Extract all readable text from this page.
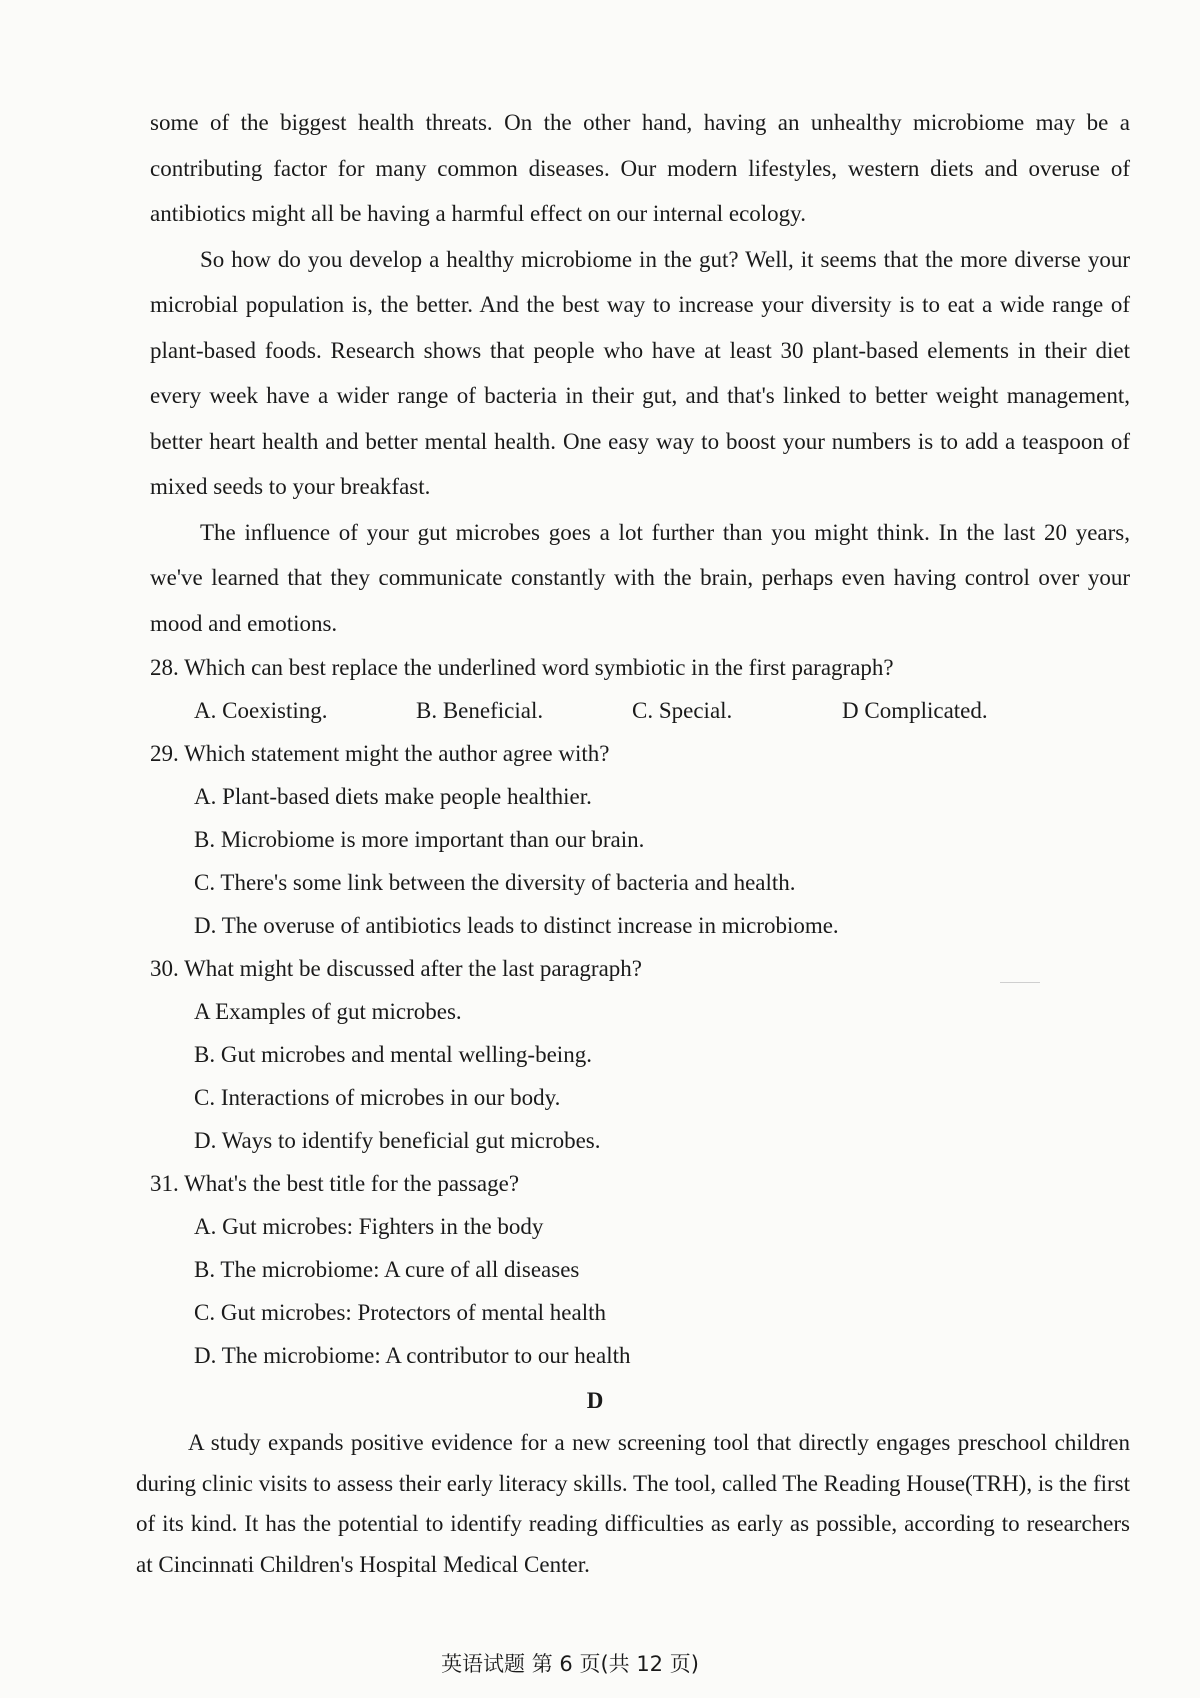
some of the biggest health threats. On the other hand, having an unhealthy microbiome may be a contributing factor for many common diseases. Our modern lifestyles, western diets and overuse of antibiotics might all be having a harmful effect on our internal ecology.

So how do you develop a healthy microbiome in the gut? Well, it seems that the more diverse your microbial population is, the better. And the best way to increase your diversity is to eat a wide range of plant-based foods. Research shows that people who have at least 30 plant-based elements in their diet every week have a wider range of bacteria in their gut, and that's linked to better weight management, better heart health and better mental health. One easy way to boost your numbers is to add a teaspoon of mixed seeds to your breakfast.

The influence of your gut microbes goes a lot further than you might think. In the last 20 years, we've learned that they communicate constantly with the brain, perhaps even having control over your mood and emotions.

28. Which can best replace the underlined word symbiotic in the first paragraph?

A. Coexisting.	B. Beneficial.	C. Special.	D Complicated.

29. Which statement might the author agree with?

A. Plant-based diets make people healthier.
B. Microbiome is more important than our brain.
C. There's some link between the diversity of bacteria and health.
D. The overuse of antibiotics leads to distinct increase in microbiome.

30. What might be discussed after the last paragraph?

A Examples of gut microbes.
B. Gut microbes and mental welling-being.
C. Interactions of microbes in our body.
D. Ways to identify beneficial gut microbes.

31. What's the best title for the passage?

A. Gut microbes: Fighters in the body
B. The microbiome: A cure of all diseases
C. Gut microbes: Protectors of mental health
D. The microbiome: A contributor to our health

D

A study expands positive evidence for a new screening tool that directly engages preschool children during clinic visits to assess their early literacy skills. The tool, called The Reading House(TRH), is the first of its kind. It has the potential to identify reading difficulties as early as possible, according to researchers at Cincinnati Children's Hospital Medical Center.

英语试题 第 6 页(共 12 页)
